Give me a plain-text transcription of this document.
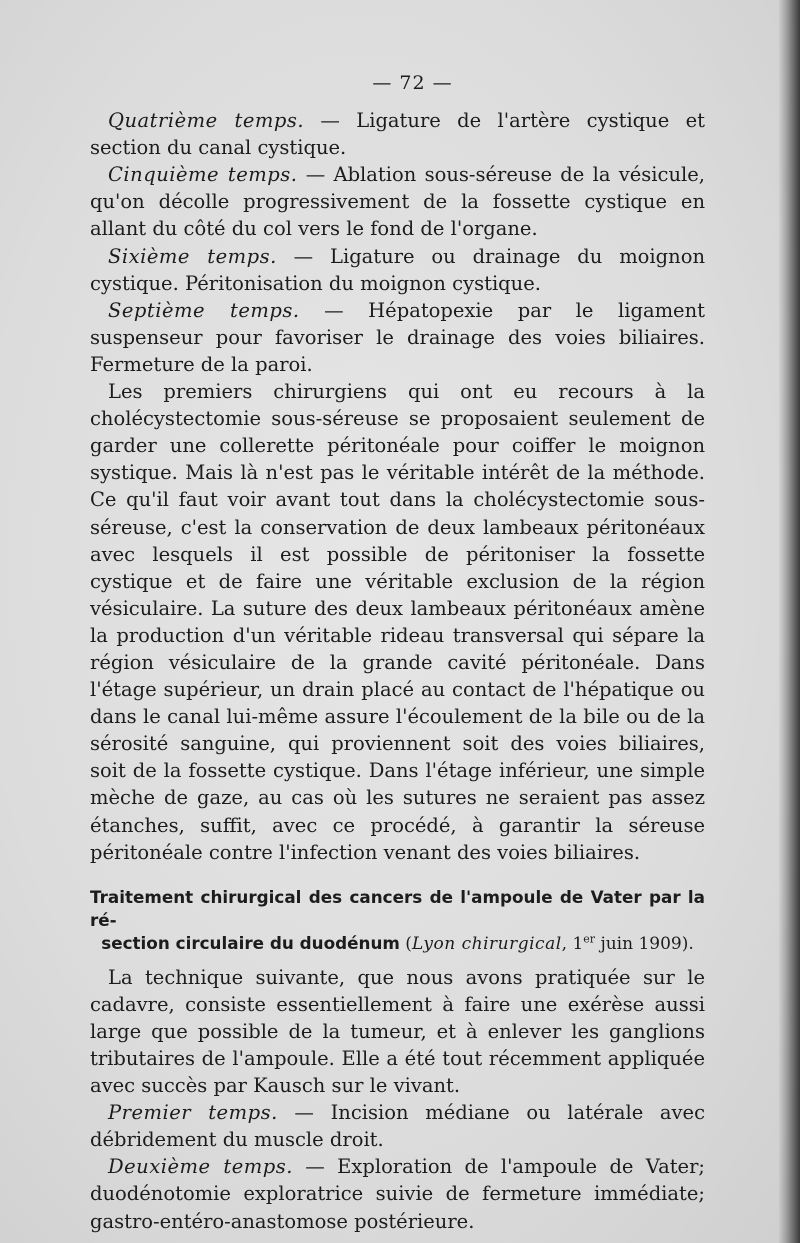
— 72 —

Quatrième temps. — Ligature de l'artère cystique et section du canal cystique.

Cinquième temps. — Ablation sous-séreuse de la vésicule, qu'on décolle progressivement de la fossette cystique en allant du côté du col vers le fond de l'organe.

Sixième temps. — Ligature ou drainage du moignon cystique. Péritonisation du moignon cystique.

Septième temps. — Hépatopexie par le ligament suspenseur pour favoriser le drainage des voies biliaires. Fermeture de la paroi.

Les premiers chirurgiens qui ont eu recours à la cholécystectomie sous-séreuse se proposaient seulement de garder une collerette péritonéale pour coiffer le moignon systique. Mais là n'est pas le véritable intérêt de la méthode. Ce qu'il faut voir avant tout dans la cholécystectomie sous-séreuse, c'est la conservation de deux lambeaux péritonéaux avec lesquels il est possible de péritoniser la fossette cystique et de faire une véritable exclusion de la région vésiculaire. La suture des deux lambeaux péritonéaux amène la production d'un véritable rideau transversal qui sépare la région vésiculaire de la grande cavité péritonéale. Dans l'étage supérieur, un drain placé au contact de l'hépatique ou dans le canal lui-même assure l'écoulement de la bile ou de la sérosité sanguine, qui proviennent soit des voies biliaires, soit de la fossette cystique. Dans l'étage inférieur, une simple mèche de gaze, au cas où les sutures ne seraient pas assez étanches, suffit, avec ce procédé, à garantir la séreuse péritonéale contre l'infection venant des voies biliaires.

Traitement chirurgical des cancers de l'ampoule de Vater par la ré-

section circulaire du duodénum (Lyon chirurgical, 1er juin 1909).

La technique suivante, que nous avons pratiquée sur le cadavre, consiste essentiellement à faire une exérèse aussi large que possible de la tumeur, et à enlever les ganglions tributaires de l'ampoule. Elle a été tout récemment appliquée avec succès par Kausch sur le vivant.

Premier temps. — Incision médiane ou latérale avec débridement du muscle droit.

Deuxième temps. — Exploration de l'ampoule de Vater; duodénotomie exploratrice suivie de fermeture immédiate; gastro-entéro-anastomose postérieure.
